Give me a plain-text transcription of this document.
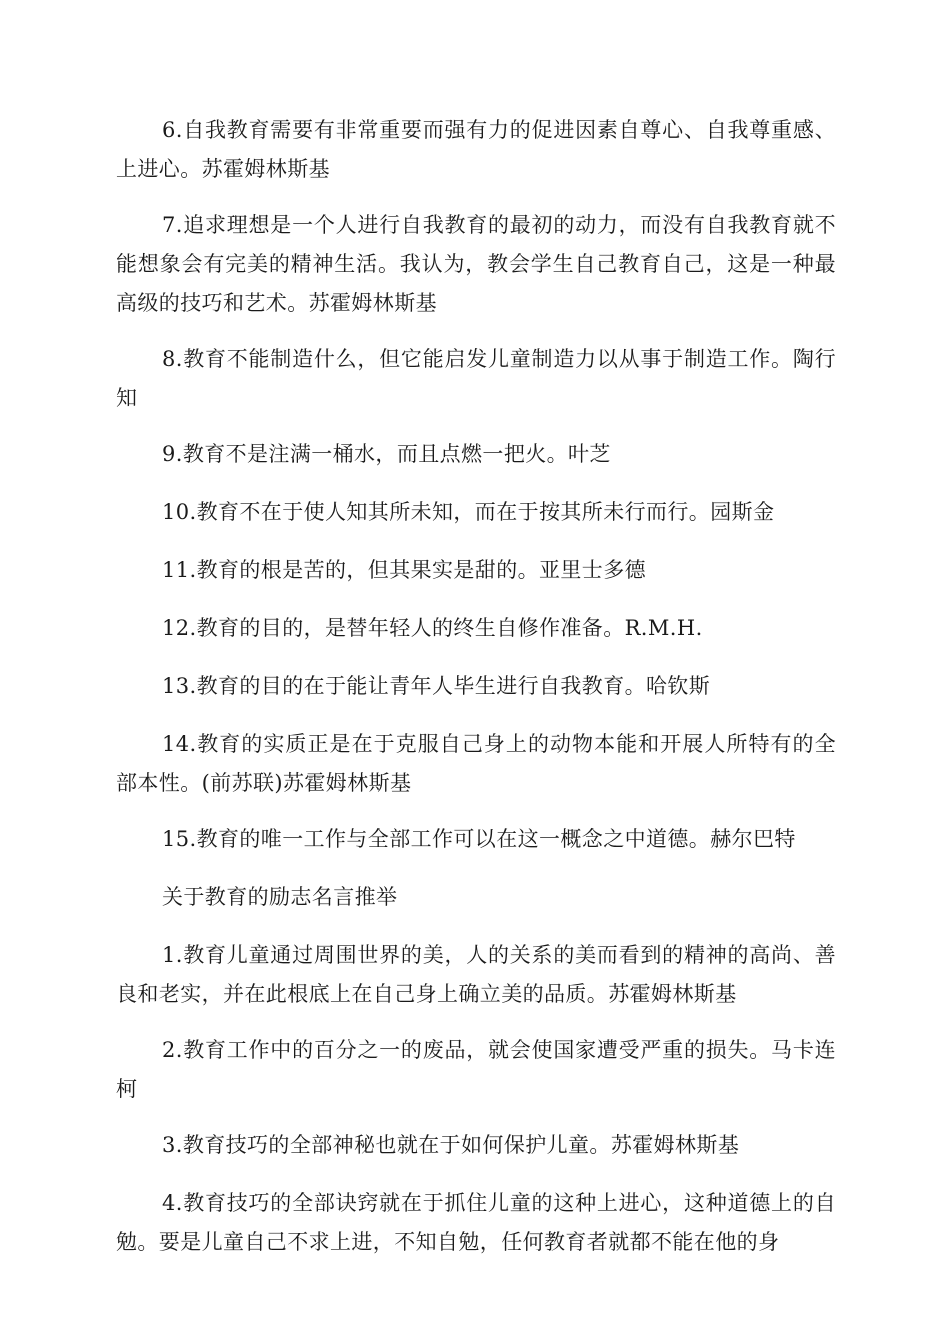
6.自我教育需要有非常重要而强有力的促进因素自尊心、自我尊重感、上进心。苏霍姆林斯基

7.追求理想是一个人进行自我教育的最初的动力，而没有自我教育就不能想象会有完美的精神生活。我认为，教会学生自己教育自己，这是一种最高级的技巧和艺术。苏霍姆林斯基

8.教育不能制造什么，但它能启发儿童制造力以从事于制造工作。陶行知

9.教育不是注满一桶水，而且点燃一把火。叶芝

10.教育不在于使人知其所未知，而在于按其所未行而行。园斯金

11.教育的根是苦的，但其果实是甜的。亚里士多德

12.教育的目的，是替年轻人的终生自修作准备。R.M.H.

13.教育的目的在于能让青年人毕生进行自我教育。哈钦斯

14.教育的实质正是在于克服自己身上的动物本能和开展人所特有的全部本性。(前苏联)苏霍姆林斯基

15.教育的唯一工作与全部工作可以在这一概念之中道德。赫尔巴特

关于教育的励志名言推举

1.教育儿童通过周围世界的美，人的关系的美而看到的精神的高尚、善良和老实，并在此根底上在自己身上确立美的品质。苏霍姆林斯基

2.教育工作中的百分之一的废品，就会使国家遭受严重的损失。马卡连柯

3.教育技巧的全部神秘也就在于如何保护儿童。苏霍姆林斯基

4.教育技巧的全部诀窍就在于抓住儿童的这种上进心，这种道德上的自勉。要是儿童自己不求上进，不知自勉，任何教育者就都不能在他的身
